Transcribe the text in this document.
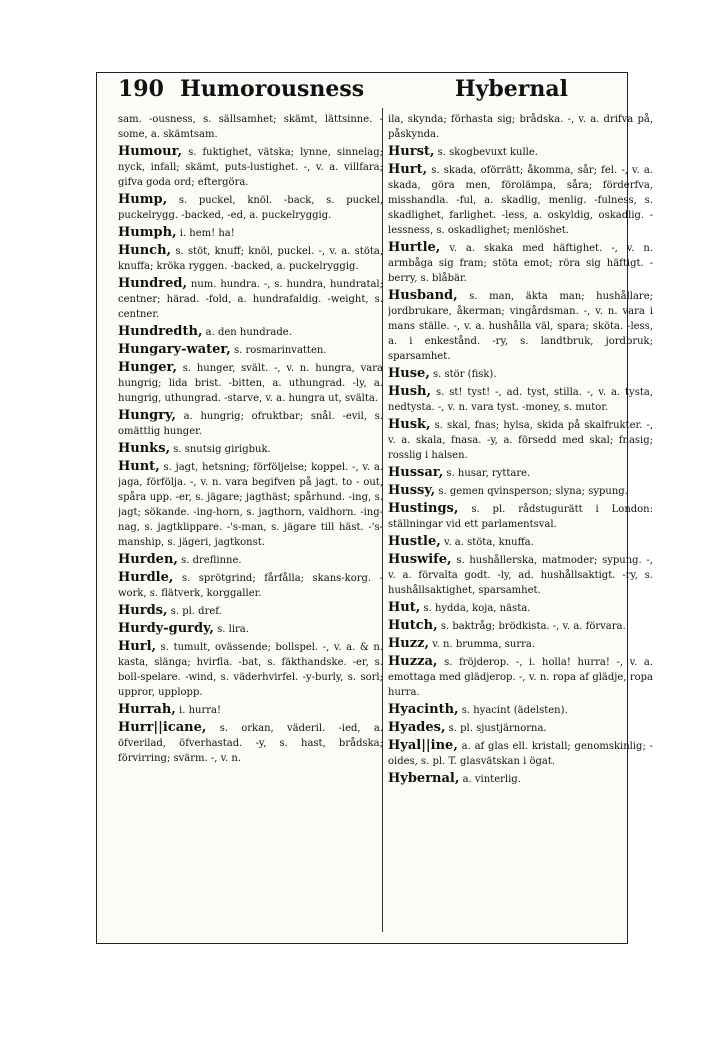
190 Humorousness	Hybernal

sam. -ousness, s. sällsamhet; skämt, lättsinne. -some, a. skämtsam.

Humour, s. fuktighet, vätska; lynne, sinnelag; nyck, infall; skämt, puts-lustighet. -, v. a. villfara; gifva goda ord; eftergöra.

Hump, s. puckel, knöl. -back, s. puckel, puckelrygg. -backed, -ed, a. puckelryggig.

Humph, i. hem! ha!

Hunch, s. stöt, knuff; knöl, puckel. -, v. a. stöta, knuffa; kröka ryggen. -backed, a. puckelryggig.

Hundred, num. hundra. -, s. hundra, hundratal; centner; härad. -fold, a. hundrafaldig. -weight, s. centner.

Hundredth, a. den hundrade.

Hungary-water, s. rosmarinvatten.

Hunger, s. hunger, svält. -, v. n. hungra, vara hungrig; lida brist. -bitten, a. uthungrad. -ly, a. hungrig, uthungrad. -starve, v. a. hungra ut, svälta.

Hungry, a. hungrig; ofruktbar; snål. -evil, s. omättlig hunger.

Hunks, s. snutsig girigbuk.

Hunt, s. jagt, hetsning; förföljelse; koppel. -, v. a. jaga, förfölja. -, v. n. vara begifven på jagt. to - out, spåra upp. -er, s. jägare; jagthäst; spårhund. -ing, s. jagt; sökande. -ing-horn, s. jagthorn, valdhorn. -ing-nag, s. jagtklippare. -'s-man, s. jägare till häst. -'s-manship, s. jägeri, jagtkonst.

Hurden, s. dreflinne.

Hurdle, s. sprötgrind; fårfålla; skans-korg. -work, s. flätverk, korggaller.

Hurds, s. pl. dref.

Hurdy-gurdy, s. lira.

Hurl, s. tumult, ovässende; bollspel. -, v. a. & n. kasta, slänga; hvirfla. -bat, s. fäkthandske. -er, s. boll-spelare. -wind, s. väderhvirfel. -y-burly, s. sorl; uppror, upplopp.

Hurrah, i. hurra!

Hurr||icane, s. orkan, väderil. -ied, a. öfverilad, öfverhastad. -y, s. hast, brådska; förvirring; svärm. -, v. n.

ila, skynda; förhasta sig; brådska. -, v. a. drifva på, påskynda.

Hurst, s. skogbevuxt kulle.

Hurt, s. skada, oförrätt; åkomma, sår; fel. -, v. a. skada, göra men, förolämpa, såra; förderfva, misshandla. -ful, a. skadlig, menlig. -fulness, s. skadlighet, farlighet. -less, a. oskyldig, oskadlig. -lessness, s. oskadlighet; menlöshet.

Hurtle, v. a. skaka med häftighet. -, v. n. armbåga sig fram; stöta emot; röra sig häftigt. -berry, s. blåbär.

Husband, s. man, äkta man; hushållare; jordbrukare, åkerman; vingårdsman. -, v. n. vara i mans ställe. -, v. a. hushålla väl, spara; sköta. -less, a. i enkestånd. -ry, s. landtbruk, jordbruk; sparsamhet.

Huse, s. stör (fisk).

Hush, s. st! tyst! -, ad. tyst, stilla. -, v. a. tysta, nedtysta. -, v. n. vara tyst. -money, s. mutor.

Husk, s. skal, fnas; hylsa, skida på skalfrukter. -, v. a. skala, fnasa. -y, a. försedd med skal; fnasig; rosslig i halsen.

Hussar, s. husar, ryttare.

Hussy, s. gemen qvinsperson; slyna; sypung.

Hustings, s. pl. rådstugurätt i London: ställningar vid ett parlamentsval.

Hustle, v. a. stöta, knuffa.

Huswife, s. hushållerska, matmoder; sypung. -, v. a. förvalta godt. -ly, ad. hushållsaktigt. -ry, s. hushållsaktighet, sparsamhet.

Hut, s. hydda, koja, nästa.

Hutch, s. baktråg; brödkista. -, v. a. förvara.

Huzz, v. n. brumma, surra.

Huzza, s. fröjderop. -, i. holla! hurra! -, v. a. emottaga med glädjerop. -, v. n. ropa af glädje, ropa hurra.

Hyacinth, s. hyacint (ädelsten).

Hyades, s. pl. sjustjärnorna.

Hyal||ine, a. af glas ell. kristall; genomskinlig; -oides, s. pl. T. glasvätskan i ögat.

Hybernal, a. vinterlig.
